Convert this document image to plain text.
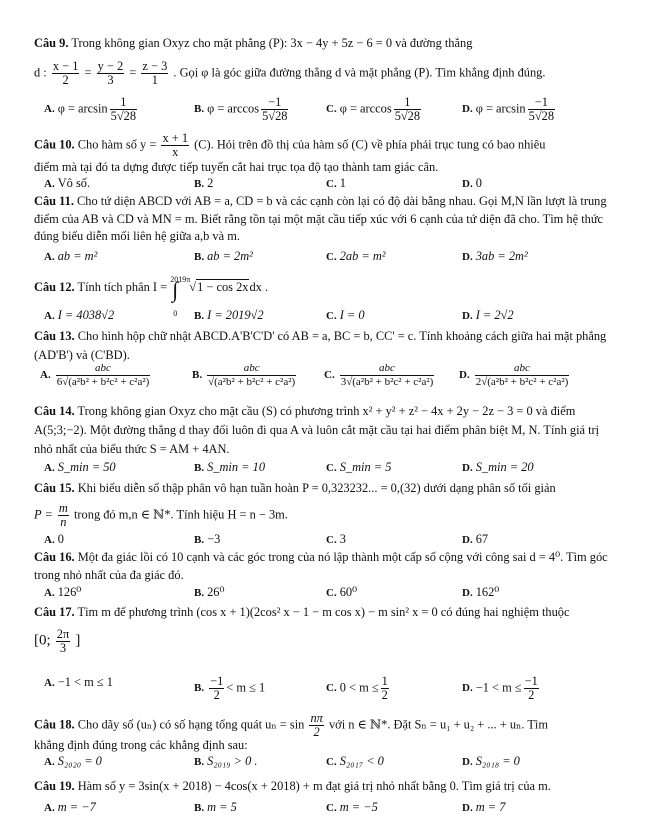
Câu 9. Trong không gian Oxyz cho mặt phẳng (P): 3x − 4y + 5z − 6 = 0 và đường thẳng
d : $\frac{x - 1}{2} = \frac{y - 2}{3} = \frac{z - 3}{1}$ . Gọi φ là góc giữa đường thẳng d và mặt phẳng (P). Tìm khẳng định đúng.
A. $\varphi = \arcsin \frac{1}{5√28}$	B. $\varphi = \arccos \frac{-1}{5√28}$	C. $\varphi = \arccos \frac{1}{5√28}$	D. $\varphi = \arcsin \frac{-1}{5√28}$
Câu 10. Cho hàm số $y = \frac{x + 1}{x} (C)$. Hỏi trên đồ thị của hàm số (C) về phía phải trục tung có bao nhiêu
điểm mà tại đó ta dựng được tiếp tuyến cắt hai trục tọa độ tạo thành tam giác cân.
A. Vô số.	B. 2	C. 1	D. 0
Câu 11. Cho tứ diện ABCD với AB = a, CD = b và các cạnh còn lại có độ dài bằng nhau. Gọi M,N lần lượt là trung điểm của AB và CD và MN = m. Biết rằng tồn tại một mặt cầu tiếp xúc với 6 cạnh của tứ diện đã cho. Tìm hệ thức đúng biểu diễn mối liên hệ giữa a,b và m.
A. ab = m²	B. ab = 2m²	C. 2ab = m²	D. 3ab = 2m²
Câu 12. Tính tích phân I =
2019π
∫
0
√1 − cos 2xdx .
A. I = 4038√2	B. I = 2019√2	C. I = 0	D. I = 2√2
Câu 13. Cho hình hộp chữ nhật ABCD.A'B'C'D' có AB = a, BC = b, CC' = c. Tính khoảng cách giữa hai mặt phẳng (AD'B') và (C'BD).
A. $\frac{\text{abc}}{\text{6√(a²b² + b²c² + c²a²)}}$	B. $\frac{\text{abc}}{\text{√(a²b² + b²c² + c²a²)}}$	C. $\frac{\text{abc}}{\text{3√(a²b² + b²c² + c²a²)}} D$. $\frac{\text{abc}}{\text{2√(a²b² + b²c² + c²a²)}}$
Câu 14. Trong không gian Oxyz cho mặt cầu (S) có phương trình x² + y² + z² − 4x + 2y − 2z − 3 = 0 và điểm A(5;3;−2). Một đường thẳng d thay đổi luôn đi qua A và luôn cắt mặt cầu tại hai điểm phân biệt M, N. Tính giá trị nhỏ nhất của biểu thức S = AM + 4AN.
A. S_min = 50	B. S_min = 10	C. S_min = 5	D. S_min = 20
Câu 15. Khi biểu diễn số thập phân vô hạn tuần hoàn P = 0,323232... = 0,(32) dưới dạng phân số tối giản
$P = \frac{m}{n}$ trong đó m,n ∈ ℕ*. Tính hiệu H = n − 3m.
A. 0	B. −3	C. 3	D. 67
Câu 16. Một đa giác lồi có 10 cạnh và các góc trong của nó lập thành một cấp số cộng với công sai d = 4⁰. Tìm góc trong nhỏ nhất của đa giác đó.
A. 126⁰	B. 26⁰	C. 60⁰	D. 162⁰
Câu 17. Tìm m để phương trình (cos x + 1)(2cos² x − 1 − m cos x) − m sin² x = 0 có đúng hai nghiệm thuộc
[0; $\frac{2\pi}{3}$ ]
A. −1 < m ≤ 1	B. $\frac{-1}{2} < m \le 1$	C. $0 < m \le \frac{1}{2}$	D. $-1 < m \le \frac{-1}{2}$
Câu 18. Cho dãy số (uₙ) có số hạng tổng quát $u_n = \sin \frac{n\pi}{2}$ với n ∈ ℕ*. Đặt Sₙ = u₁ + u₂ + ... + uₙ. Tìm
khẳng định đúng trong các khẳng định sau:
A. S₂₀₂₀ = 0	B. S₂₀₁₉ > 0 .	C. S₂₀₁₇ < 0	D. S₂₀₁₈ = 0
Câu 19. Hàm số y = 3sin(x + 2018) − 4cos(x + 2018) + m đạt giá trị nhỏ nhất bằng 0. Tìm giá trị của m.
A. m = −7	B. m = 5	C. m = −5	D. m = 7
